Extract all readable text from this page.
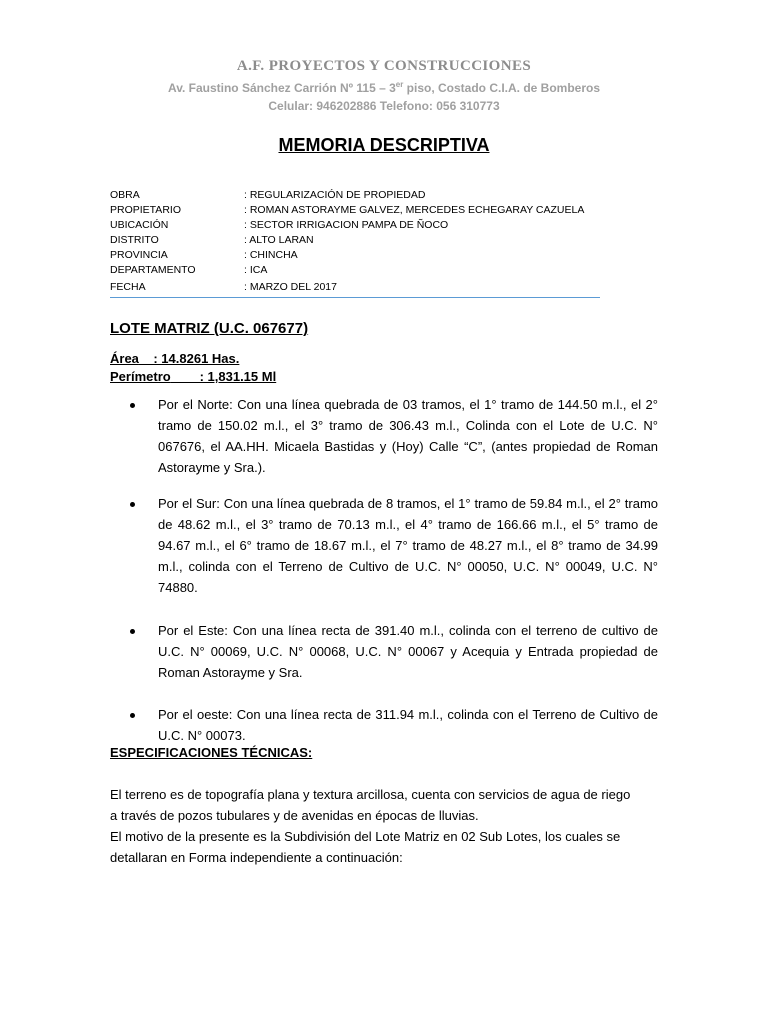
A.F. PROYECTOS Y CONSTRUCCIONES
Av. Faustino Sánchez Carrión Nº 115 – 3er piso, Costado C.I.A. de Bomberos
Celular: 946202886 Telefono: 056 310773
MEMORIA DESCRIPTIVA
OBRA	: REGULARIZACIÓN DE PROPIEDAD
PROPIETARIO	: ROMAN ASTORAYME GALVEZ, MERCEDES ECHEGARAY CAZUELA
UBICACIÓN	: SECTOR IRRIGACION PAMPA DE ÑOCO
DISTRITO	: ALTO LARAN
PROVINCIA	: CHINCHA
DEPARTAMENTO	: ICA
FECHA	: MARZO DEL 2017
LOTE MATRIZ (U.C. 067677)
Área    : 14.8261 Has.
Perímetro        : 1,831.15 Ml
Por el Norte: Con una línea quebrada de 03 tramos, el 1° tramo de 144.50 m.l., el 2° tramo de 150.02 m.l., el 3° tramo de 306.43 m.l., Colinda con el Lote de U.C. N° 067676, el AA.HH. Micaela Bastidas y (Hoy) Calle “C”, (antes propiedad de Roman Astorayme y Sra.).
Por el Sur: Con una línea quebrada de 8 tramos, el 1° tramo de 59.84 m.l., el 2° tramo de 48.62 m.l., el 3° tramo de 70.13 m.l., el 4° tramo de 166.66 m.l., el 5° tramo de 94.67 m.l., el 6° tramo de 18.67 m.l., el 7° tramo de 48.27 m.l., el 8° tramo de 34.99 m.l., colinda con el Terreno de Cultivo de U.C. N° 00050, U.C. N° 00049, U.C. N° 74880.
Por el Este: Con una línea recta de 391.40 m.l., colinda con el terreno de cultivo de U.C. N° 00069, U.C. N° 00068, U.C. N° 00067 y Acequia y Entrada propiedad de Roman Astorayme y Sra.
Por el oeste: Con una línea recta de 311.94 m.l., colinda con el Terreno de Cultivo de U.C. N° 00073.
ESPECIFICACIONES TÉCNICAS:
El terreno es de topografía plana y textura arcillosa, cuenta con servicios de agua de riego a través de pozos tubulares y de avenidas en épocas de lluvias.
El motivo de la presente es la Subdivisión del Lote Matriz en 02 Sub Lotes, los cuales se detallaran en Forma independiente a continuación:
